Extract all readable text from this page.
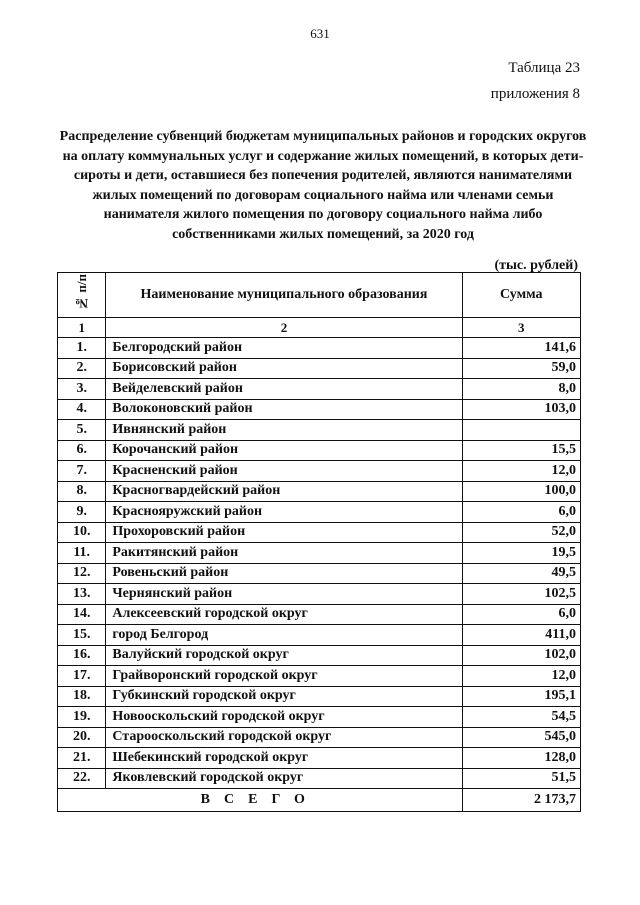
631
Таблица 23
приложения 8
Распределение субвенций бюджетам муниципальных районов и городских округов на оплату коммунальных услуг и содержание жилых помещений, в которых дети-сироты и дети, оставшиеся без попечения родителей, являются нанимателями жилых помещений по договорам социального найма или членами семьи нанимателя жилого помещения по договору социального найма либо собственниками жилых помещений, за 2020 год
(тыс. рублей)
№ п/п	Наименование муниципального образования	Сумма
1	2	3
1.	Белгородский район	141,6
2.	Борисовский район	59,0
3.	Вейделевский район	8,0
4.	Волоконовский район	103,0
5.	Ивнянский район	
6.	Корочанский район	15,5
7.	Красненский район	12,0
8.	Красногвардейский район	100,0
9.	Краснояружский район	6,0
10.	Прохоровский район	52,0
11.	Ракитянский район	19,5
12.	Ровеньский район	49,5
13.	Чернянский район	102,5
14.	Алексеевский городской округ	6,0
15.	город Белгород	411,0
16.	Валуйский городской округ	102,0
17.	Грайворонский городской округ	12,0
18.	Губкинский городской округ	195,1
19.	Новооскольский городской округ	54,5
20.	Старооскольский городской округ	545,0
21.	Шебекинский городской округ	128,0
22.	Яковлевский городской округ	51,5
ВСЕГО		2 173,7
